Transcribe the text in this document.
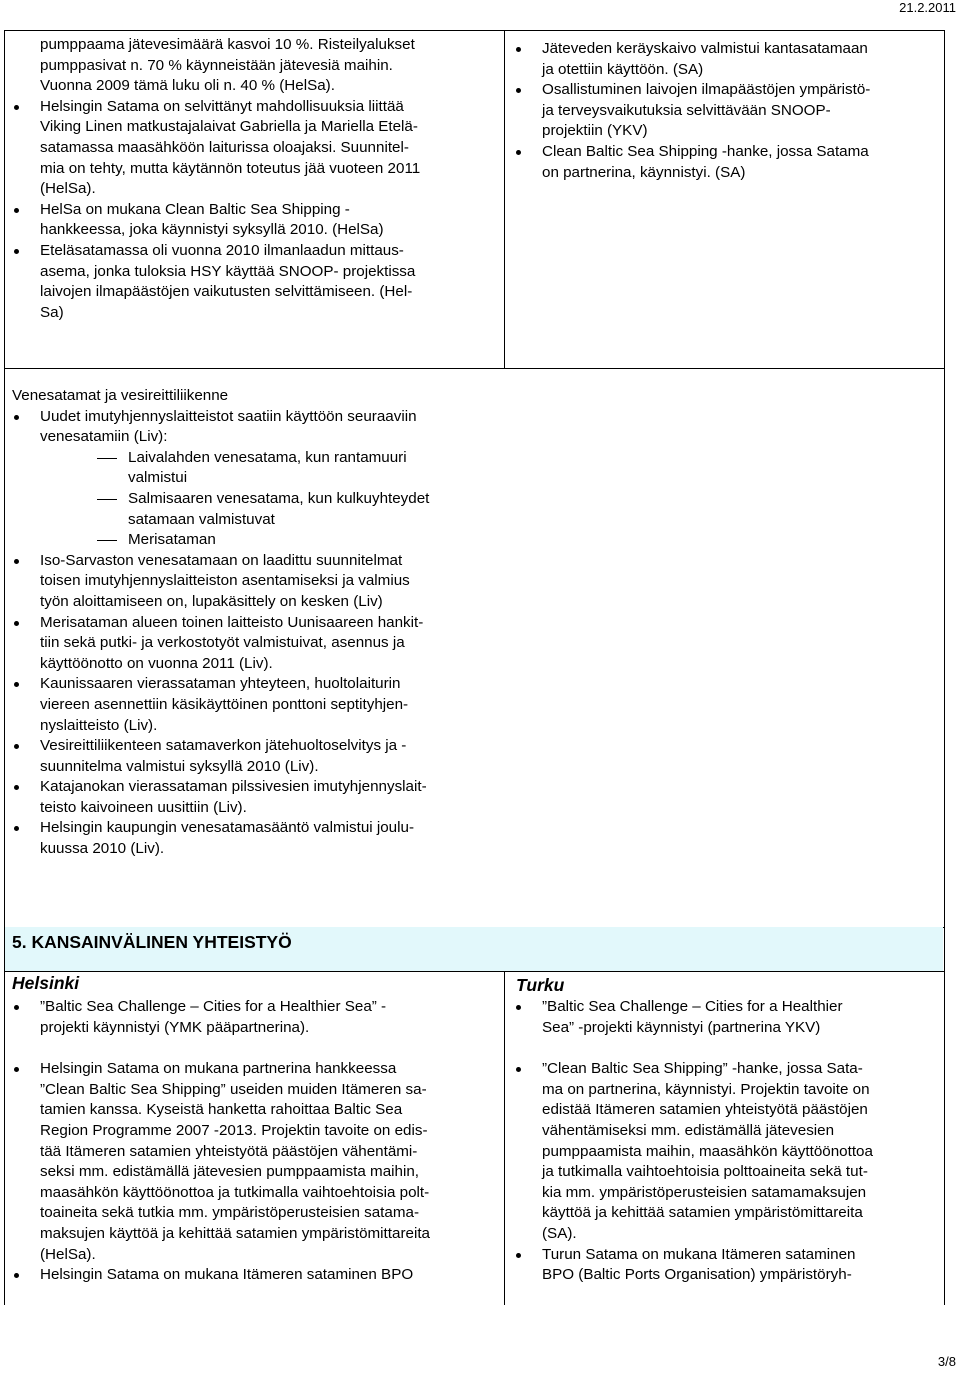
21.2.2011
pumppaama jätevesimäärä kasvoi 10 %. Risteilyalukset
pumppasivat n. 70 % käynneistään jätevesiä maihin.
Vuonna 2009 tämä luku oli n. 40 % (HelSa).
Helsingin Satama on selvittänyt mahdollisuuksia liittää
Viking Linen matkustajalaivat Gabriella ja Mariella Etelä-
satamassa maasähköön laiturissa oloajaksi. Suunnitel-
mia on tehty, mutta käytännön toteutus jää vuoteen 2011
(HelSa).
HelSa on mukana Clean Baltic Sea Shipping -
hankkeessa, joka käynnistyi syksyllä 2010. (HelSa)
Eteläsatamassa oli vuonna 2010 ilmanlaadun mittaus-
asema, jonka tuloksia HSY käyttää SNOOP- projektissa
laivojen ilmapäästöjen vaikutusten selvittämiseen. (Hel-
Sa)
Jäteveden keräyskaivo valmistui kantasatamaan
ja otettiin käyttöön. (SA)
Osallistuminen laivojen ilmapäästöjen ympäristö-
ja terveysvaikutuksia selvittävään SNOOP-
projektiin (YKV)
Clean Baltic Sea Shipping -hanke, jossa Satama
on partnerina, käynnistyi. (SA)
Venesatamat ja vesireittiliikenne
Uudet imutyhjennyslaitteistot saatiin käyttöön seuraaviin
venesatamiin (Liv):
Laivalahden venesatama, kun rantamuuri
valmistui
Salmisaaren venesatama, kun kulkuyhteydet
satamaan valmistuvat
Merisataman
Iso-Sarvaston venesatamaan on laadittu suunnitelmat
toisen imutyhjennyslaitteiston asentamiseksi ja valmius
työn aloittamiseen on, lupakäsittely on kesken (Liv)
Merisataman alueen toinen laitteisto Uunisaareen hankit-
tiin sekä putki- ja verkostotyöt valmistuivat, asennus ja
käyttöönotto on vuonna 2011 (Liv).
Kaunissaaren vierassataman yhteyteen, huoltolaiturin
viereen asennettiin käsikäyttöinen ponttoni septityhjen-
nyslaitteisto (Liv).
Vesireittiliikenteen satamaverkon jätehuoltoselvitys ja -
suunnitelma valmistui syksyllä 2010 (Liv).
Katajanokan vierassataman pilssivesien imutyhjennyslait-
teisto kaivoineen uusittiin (Liv).
Helsingin kaupungin venesatamasääntö valmistui joulu-
kuussa 2010 (Liv).
5. KANSAINVÄLINEN YHTEISTYÖ
Helsinki
”Baltic Sea Challenge – Cities for a Healthier Sea” -
projekti käynnistyi (YMK pääpartnerina).
Helsingin Satama on mukana partnerina hankkeessa
”Clean Baltic Sea Shipping” useiden muiden Itämeren sa-
tamien kanssa. Kyseistä hanketta rahoittaa Baltic Sea
Region Programme 2007 -2013. Projektin tavoite on edis-
tää Itämeren satamien yhteistyötä päästöjen vähentämi-
seksi mm. edistämällä jätevesien pumppaamista maihin,
maasähkön käyttöönottoa ja tutkimalla vaihtoehtoisia polt-
toaineita sekä tutkia mm. ympäristöperusteisien satama-
maksujen käyttöä ja kehittää satamien ympäristömittareita
(HelSa).
Helsingin Satama on mukana Itämeren sataminen BPO
Turku
”Baltic Sea Challenge – Cities for a Healthier
Sea” -projekti käynnistyi (partnerina YKV)
”Clean Baltic Sea Shipping” -hanke, jossa Sata-
ma on partnerina, käynnistyi. Projektin tavoite on
edistää Itämeren satamien yhteistyötä päästöjen
vähentämiseksi mm. edistämällä jätevesien
pumppaamista maihin, maasähkön käyttöönottoa
ja tutkimalla vaihtoehtoisia polttoaineita sekä tut-
kia mm. ympäristöperusteisien satamamaksujen
käyttöä ja kehittää satamien ympäristömittareita
(SA).
Turun Satama on mukana Itämeren sataminen
BPO (Baltic Ports Organisation) ympäristöryh-
3/8
